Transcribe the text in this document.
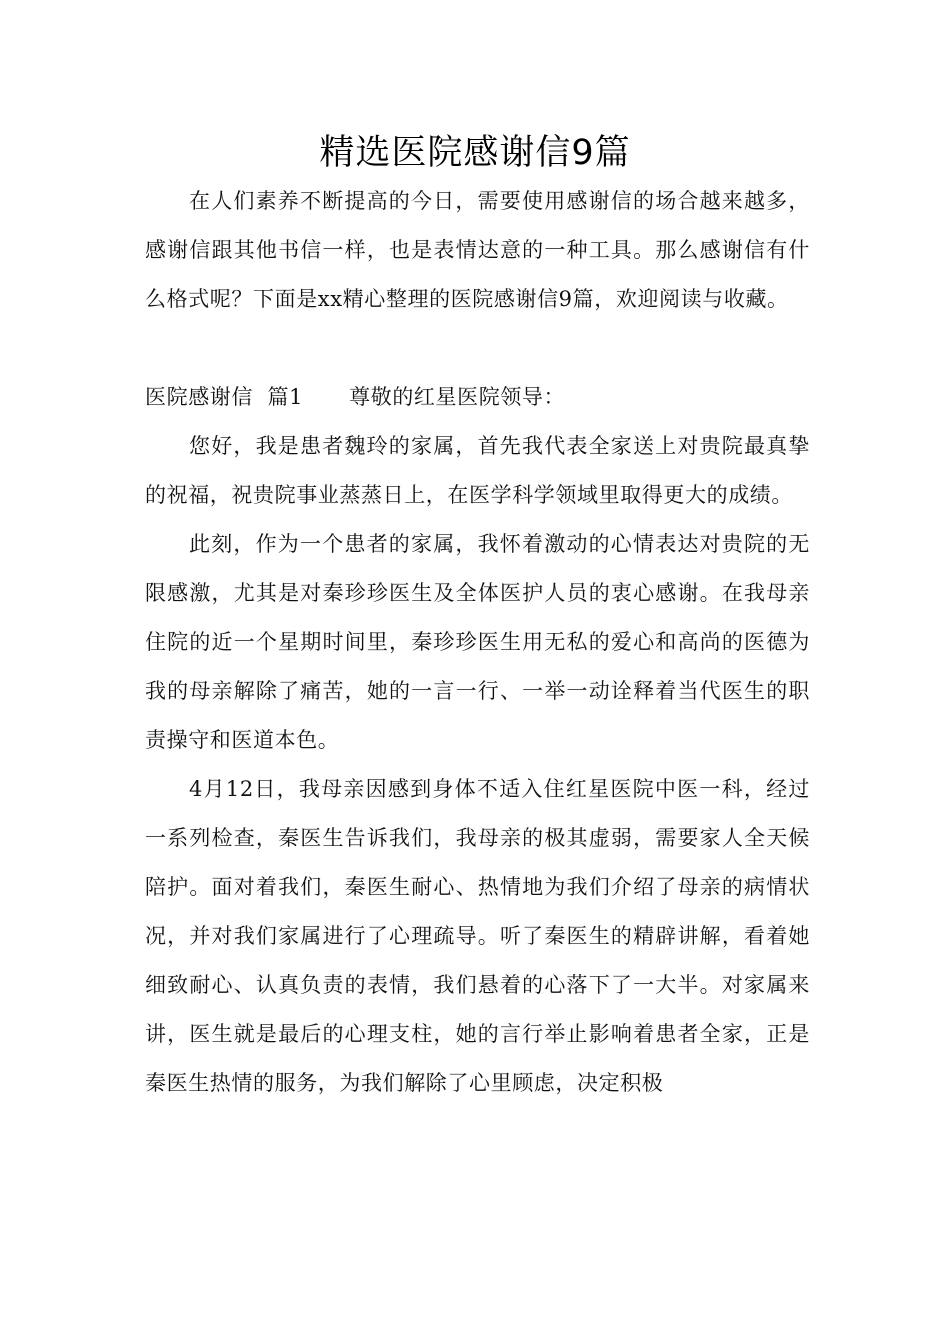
精选医院感谢信9篇

在人们素养不断提高的今日，需要使用感谢信的场合越来越多，感谢信跟其他书信一样，也是表情达意的一种工具。那么感谢信有什么格式呢？下面是xx精心整理的医院感谢信9篇，欢迎阅读与收藏。

医院感谢信  篇1 尊敬的红星医院领导：

您好，我是患者魏玲的家属，首先我代表全家送上对贵院最真挚的祝福，祝贵院事业蒸蒸日上，在医学科学领域里取得更大的成绩。

此刻，作为一个患者的家属，我怀着激动的心情表达对贵院的无限感激，尤其是对秦珍珍医生及全体医护人员的衷心感谢。在我母亲住院的近一个星期时间里，秦珍珍医生用无私的爱心和高尚的医德为我的母亲解除了痛苦，她的一言一行、一举一动诠释着当代医生的职责操守和医道本色。

4月12日，我母亲因感到身体不适入住红星医院中医一科，经过一系列检查，秦医生告诉我们，我母亲的极其虚弱，需要家人全天候陪护。面对着我们，秦医生耐心、热情地为我们介绍了母亲的病情状况，并对我们家属进行了心理疏导。听了秦医生的精辟讲解，看着她细致耐心、认真负责的表情，我们悬着的心落下了一大半。对家属来讲，医生就是最后的心理支柱，她的言行举止影响着患者全家，正是秦医生热情的服务，为我们解除了心里顾虑，决定积极
